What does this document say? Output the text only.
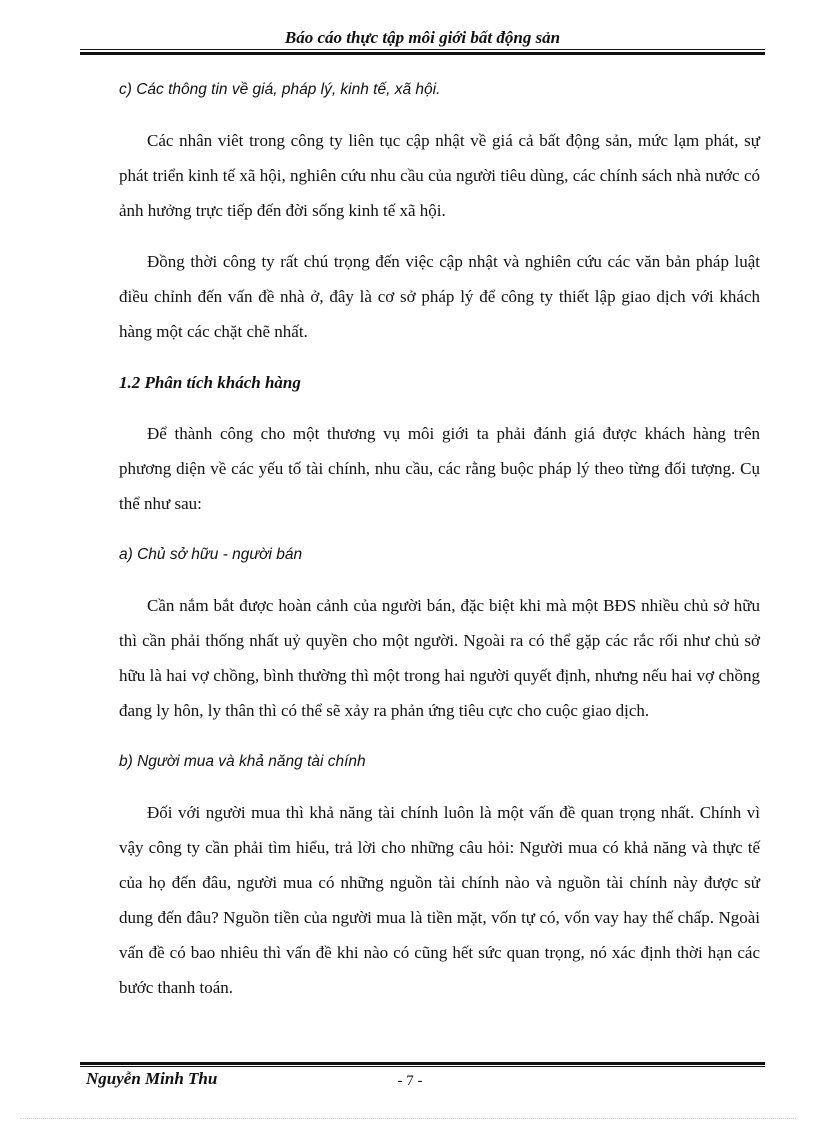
Báo cáo thực tập môi giới bất động sản

c) Các thông tin về giá, pháp lý, kinh tế, xã hội.

Các nhân viêt trong công ty liên tục cập nhật về giá cả bất động sản, mức lạm phát, sự phát triển kinh tế xã hội, nghiên cứu nhu cầu của người tiêu dùng, các chính sách nhà nước có ảnh hưởng trực tiếp đến đời sống kinh tế xã hội.

Đồng thời công ty rất chú trọng đến việc cập nhật và nghiên cứu các văn bản pháp luật điều chỉnh đến vấn đề nhà ở, đây là cơ sở pháp lý để công ty thiết lập giao dịch với khách hàng một các chặt chẽ nhất.

1.2 Phân tích khách hàng

Để thành công cho một thương vụ môi giới ta phải đánh giá được khách hàng trên phương diện về các yếu tố tài chính, nhu cầu, các rằng buộc pháp lý theo từng đối tượng. Cụ thể như sau:

a) Chủ sở hữu - người bán

Cần nắm bắt được hoàn cảnh của người bán, đặc biệt khi mà một BĐS nhiều chủ sở hữu thì cần phải thống nhất uỷ quyền cho một người. Ngoài ra có thể gặp các rắc rối như chủ sở hữu là hai vợ chồng, bình thường thì một trong hai người quyết định, nhưng nếu hai vợ chồng đang ly hôn, ly thân thì có thể sẽ xảy ra phản ứng tiêu cực cho cuộc giao dịch.

b) Người mua và khả năng tài chính

Đối với người mua thì khả năng tài chính luôn là một vấn đề quan trọng nhất. Chính vì vậy công ty cần phải tìm hiểu, trả lời cho những câu hỏi: Người mua có khả năng và thực tế của họ đến đâu, người mua có những nguồn tài chính nào và nguồn tài chính này được sử dung đến đâu? Nguồn tiền của người mua là tiền mặt, vốn tự có, vốn vay hay thế chấp. Ngoài vấn đề có bao nhiêu thì vấn đề khi nào có cũng hết sức quan trọng, nó xác định thời hạn các bước thanh toán.

Nguyễn Minh Thu	- 7 -
